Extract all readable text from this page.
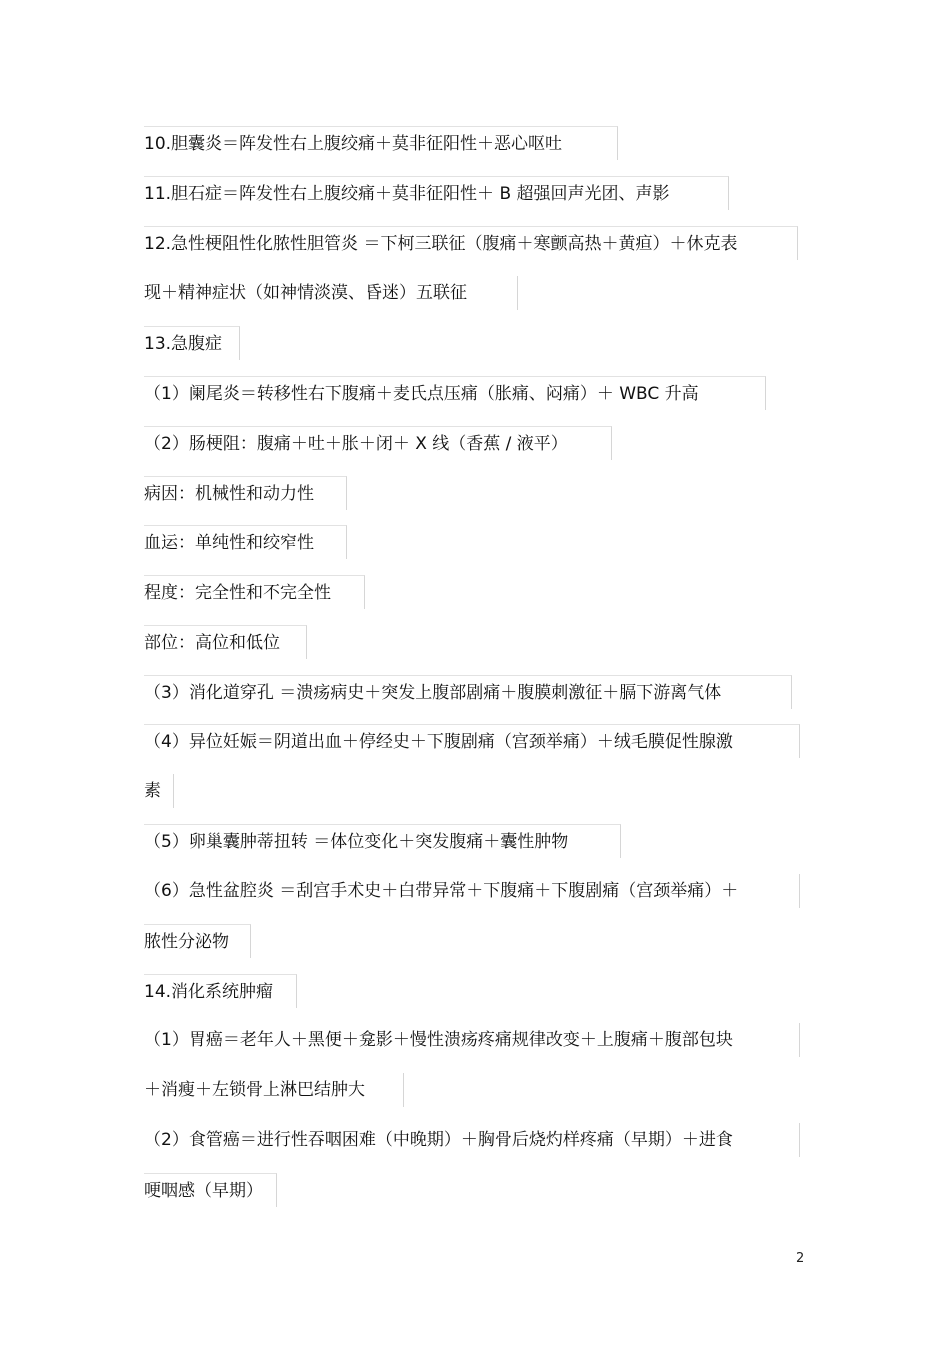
10.胆囊炎＝阵发性右上腹绞痛＋莫非征阳性＋恶心呕吐
11.胆石症＝阵发性右上腹绞痛＋莫非征阳性＋ B 超强回声光团、声影
12.急性梗阻性化脓性胆管炎 ＝下柯三联征（腹痛＋寒颤高热＋黄疸）＋休克表
现＋精神症状（如神情淡漠、昏迷）五联征
13.急腹症
（1）阑尾炎＝转移性右下腹痛＋麦氏点压痛（胀痛、闷痛）＋ WBC 升高
（2）肠梗阻：腹痛＋吐＋胀＋闭＋ X 线（香蕉 / 液平）
病因：机械性和动力性
血运：单纯性和绞窄性
程度：完全性和不完全性
部位：高位和低位
（3）消化道穿孔 ＝溃疡病史＋突发上腹部剧痛＋腹膜刺激征＋膈下游离气体
（4）异位妊娠＝阴道出血＋停经史＋下腹剧痛（宫颈举痛）＋绒毛膜促性腺激
素
（5）卵巢囊肿蒂扭转 ＝体位变化＋突发腹痛＋囊性肿物
（6）急性盆腔炎 ＝刮宫手术史＋白带异常＋下腹痛＋下腹剧痛（宫颈举痛）＋
脓性分泌物
14.消化系统肿瘤
（1）胃癌＝老年人＋黑便＋龛影＋慢性溃疡疼痛规律改变＋上腹痛＋腹部包块
＋消瘦＋左锁骨上淋巴结肿大
（2）食管癌＝进行性吞咽困难（中晚期）＋胸骨后烧灼样疼痛（早期）＋进食
哽咽感（早期）
2
